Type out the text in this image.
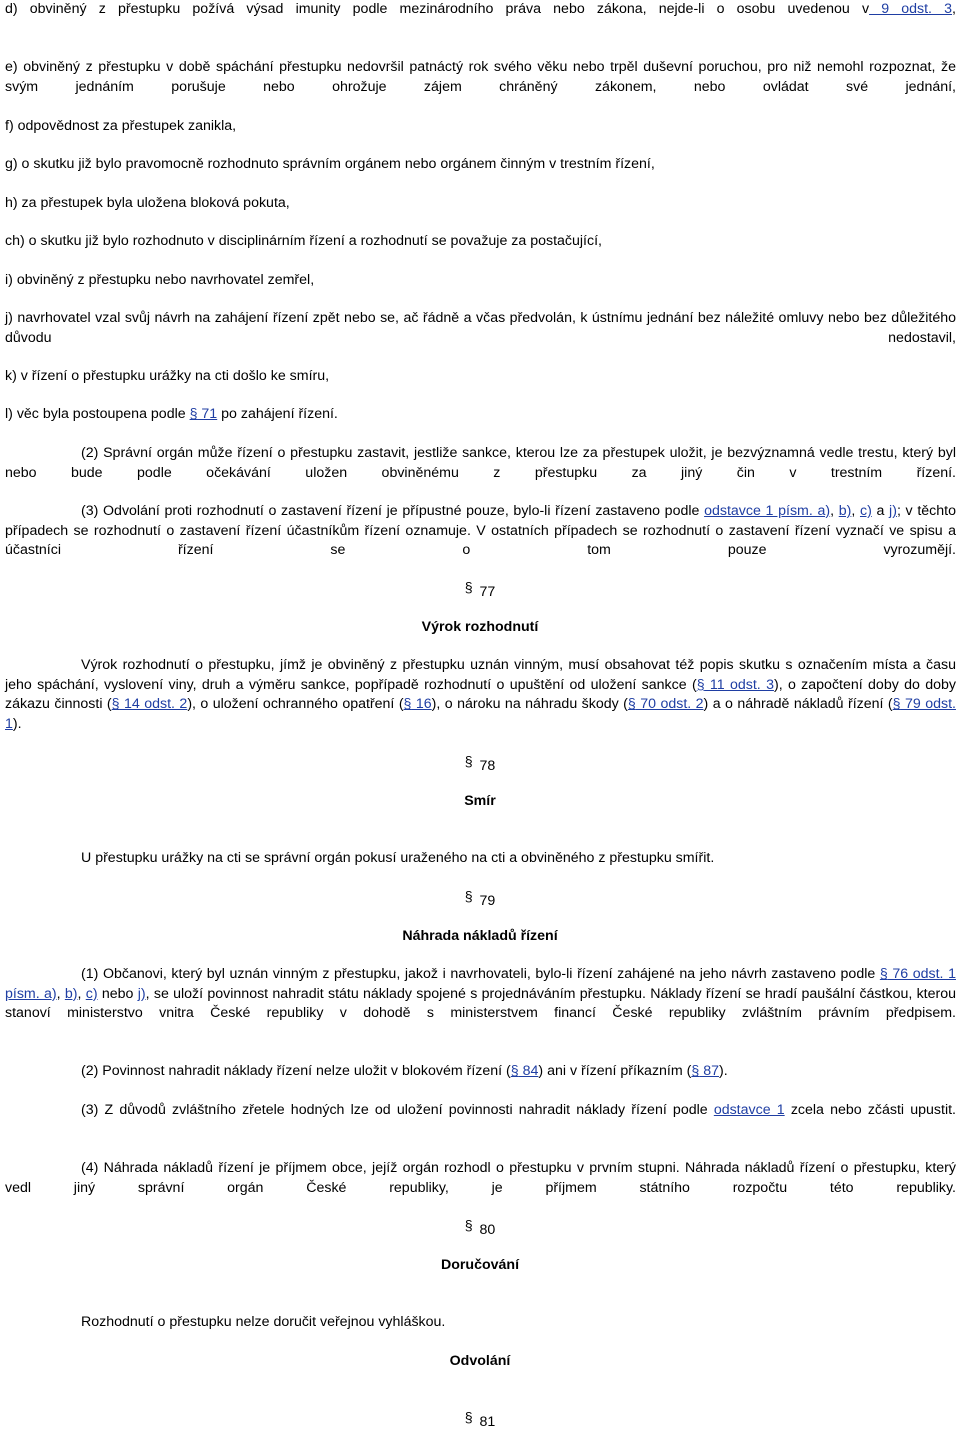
d) obviněný z přestupku požívá výsad imunity podle mezinárodního práva nebo zákona, nejde-li o osobu uvedenou v 9 odst. 3,

e) obviněný z přestupku v době spáchání přestupku nedovršil patnáctý rok svého věku nebo trpěl duševní poruchou, pro niž nemohl rozpoznat, že svým jednáním porušuje nebo ohrožuje zájem chráněný zákonem, nebo ovládat své jednání,

f) odpovědnost za přestupek zanikla,

g) o skutku již bylo pravomocně rozhodnuto správním orgánem nebo orgánem činným v trestním řízení,

h) za přestupek byla uložena bloková pokuta,

ch) o skutku již bylo rozhodnuto v disciplinárním řízení a rozhodnutí se považuje za postačující,

i) obviněný z přestupku nebo navrhovatel zemřel,

j) navrhovatel vzal svůj návrh na zahájení řízení zpět nebo se, ač řádně a včas předvolán, k ústnímu jednání bez náležité omluvy nebo bez důležitého důvodu nedostavil,

k) v řízení o přestupku urážky na cti došlo ke smíru,

l) věc byla postoupena podle § 71 po zahájení řízení.

(2) Správní orgán může řízení o přestupku zastavit, jestliže sankce, kterou lze za přestupek uložit, je bezvýznamná vedle trestu, který byl nebo bude podle očekávání uložen obviněnému z přestupku za jiný čin v trestním řízení.

(3) Odvolání proti rozhodnutí o zastavení řízení je přípustné pouze, bylo-li řízení zastaveno podle odstavce 1 písm. a), b), c) a j); v těchto případech se rozhodnutí o zastavení řízení účastníkům řízení oznamuje. V ostatních případech se rozhodnutí o zastavení řízení vyznačí ve spisu a účastníci řízení se o tom pouze vyrozumějí.

§ 77

Výrok rozhodnutí

Výrok rozhodnutí o přestupku, jímž je obviněný z přestupku uznán vinným, musí obsahovat též popis skutku s označením místa a času jeho spáchání, vyslovení viny, druh a výměru sankce, popřípadě rozhodnutí o upuštění od uložení sankce (§ 11 odst. 3), o započtení doby do doby zákazu činnosti (§ 14 odst. 2), o uložení ochranného opatření (§ 16), o nároku na náhradu škody (§ 70 odst. 2) a o náhradě nákladů řízení (§ 79 odst. 1).

§ 78

Smír

U přestupku urážky na cti se správní orgán pokusí uraženého na cti a obviněného z přestupku smířit.

§ 79

Náhrada nákladů řízení

(1) Občanovi, který byl uznán vinným z přestupku, jakož i navrhovateli, bylo-li řízení zahájené na jeho návrh zastaveno podle § 76 odst. 1 písm. a), b), c) nebo j), se uloží povinnost nahradit státu náklady spojené s projednáváním přestupku. Náklady řízení se hradí paušální částkou, kterou stanoví ministerstvo vnitra České republiky v dohodě s ministerstvem financí České republiky zvláštním právním předpisem.

(2) Povinnost nahradit náklady řízení nelze uložit v blokovém řízení (§ 84) ani v řízení příkazním (§ 87).

(3) Z důvodů zvláštního zřetele hodných lze od uložení povinnosti nahradit náklady řízení podle odstavce 1 zcela nebo zčásti upustit.

(4) Náhrada nákladů řízení je příjmem obce, jejíž orgán rozhodl o přestupku v prvním stupni. Náhrada nákladů řízení o přestupku, který vedl jiný správní orgán České republiky, je příjmem státního rozpočtu této republiky.

§ 80

Doručování

Rozhodnutí o přestupku nelze doručit veřejnou vyhláškou.

Odvolání

§ 81
